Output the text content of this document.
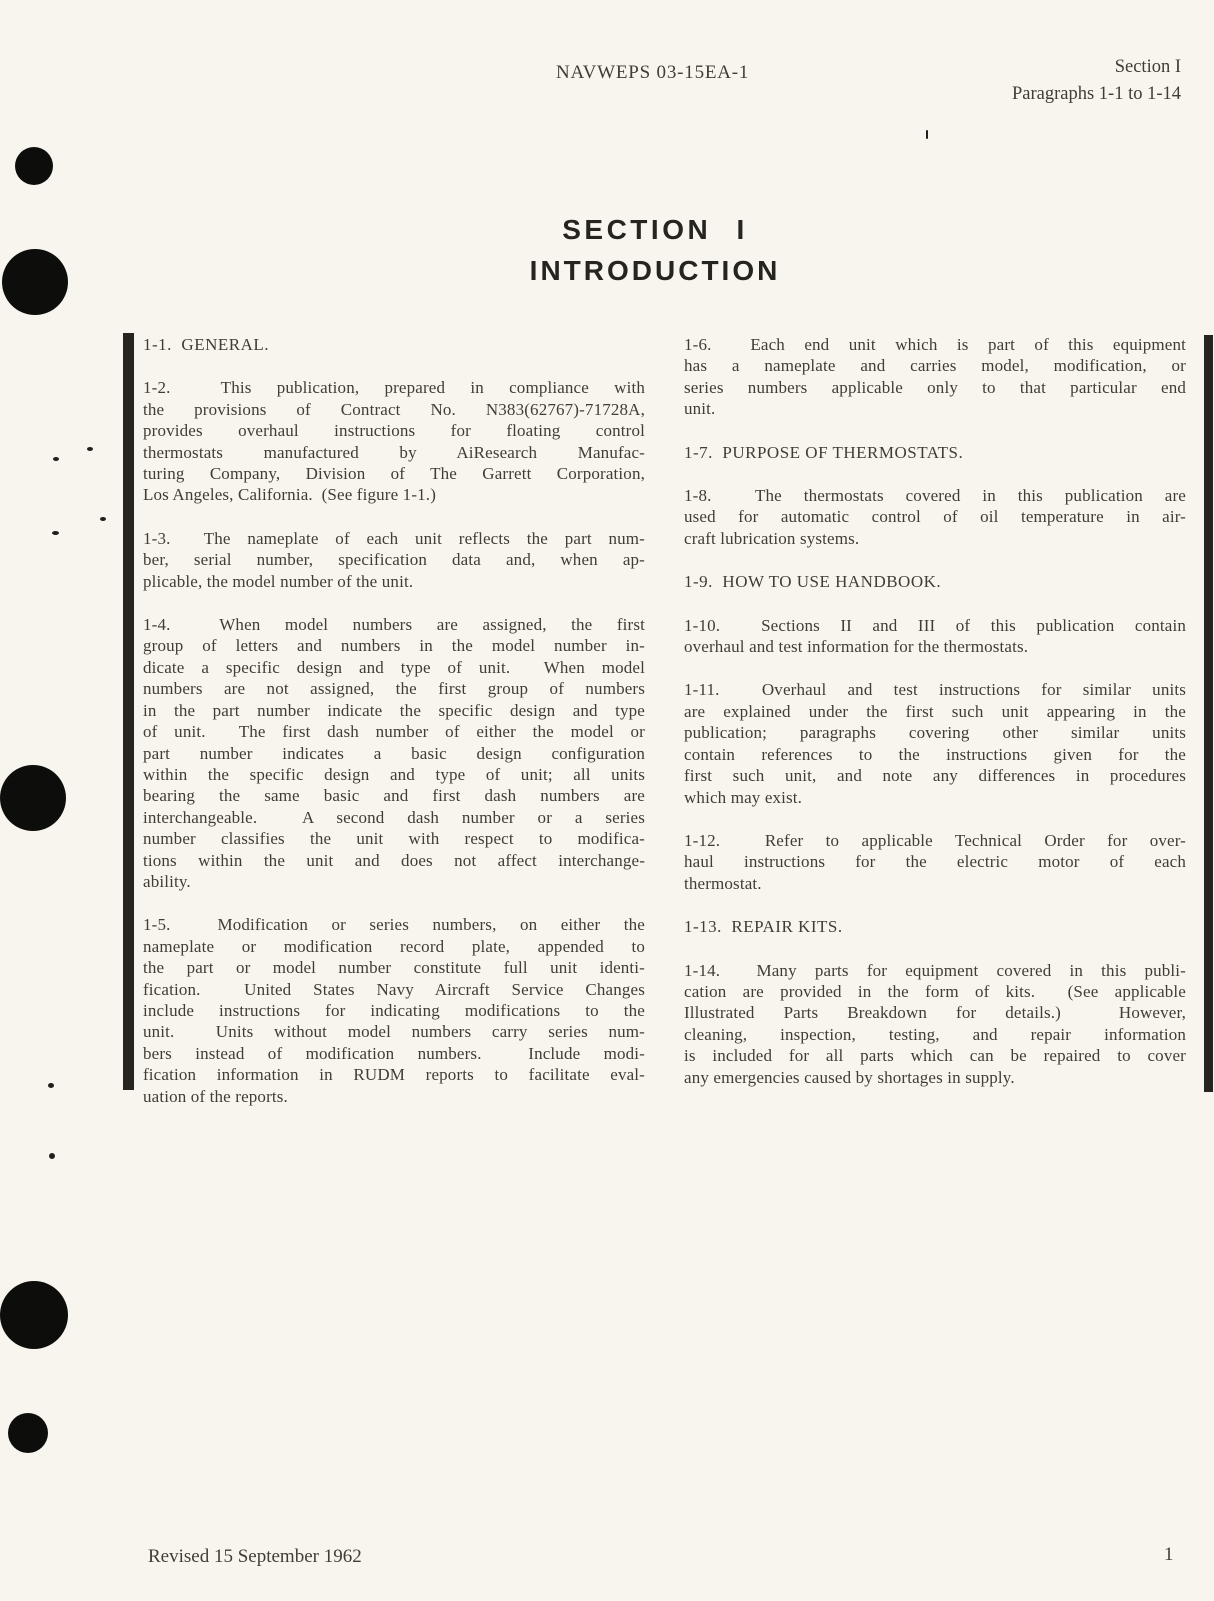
NAVWEPS 03-15EA-1	Section I
Paragraphs 1-1 to 1-14
SECTION I
INTRODUCTION
1-1.  GENERAL.
1-2.  This publication, prepared in compliance with
the provisions of Contract No. N383(62767)-71728A,
provides overhaul instructions for floating control
thermostats manufactured by AiResearch Manufac-
turing Company, Division of The Garrett Corporation,
Los Angeles, California.  (See figure 1-1.)
1-3.  The nameplate of each unit reflects the part num-
ber, serial number, specification data and, when ap-
plicable, the model number of the unit.
1-4.  When model numbers are assigned, the first
group of letters and numbers in the model number in-
dicate a specific design and type of unit.  When model
numbers are not assigned, the first group of numbers
in the part number indicate the specific design and type
of unit.  The first dash number of either the model or
part number indicates a basic design configuration
within the specific design and type of unit; all units
bearing the same basic and first dash numbers are
interchangeable.  A second dash number or a series
number classifies the unit with respect to modifica-
tions within the unit and does not affect interchange-
ability.
1-5.  Modification or series numbers, on either the
nameplate or modification record plate, appended to
the part or model number constitute full unit identi-
fication.  United States Navy Aircraft Service Changes
include instructions for indicating modifications to the
unit.  Units without model numbers carry series num-
bers instead of modification numbers.  Include modi-
fication information in RUDM reports to facilitate eval-
uation of the reports.
1-6.  Each end unit which is part of this equipment
has a nameplate and carries model, modification, or
series numbers applicable only to that particular end
unit.
1-7.  PURPOSE OF THERMOSTATS.
1-8.  The thermostats covered in this publication are
used for automatic control of oil temperature in air-
craft lubrication systems.
1-9.  HOW TO USE HANDBOOK.
1-10.  Sections II and III of this publication contain
overhaul and test information for the thermostats.
1-11.  Overhaul and test instructions for similar units
are explained under the first such unit appearing in the
publication; paragraphs covering other similar units
contain references to the instructions given for the
first such unit, and note any differences in procedures
which may exist.
1-12.  Refer to applicable Technical Order for over-
haul instructions for the electric motor of each
thermostat.
1-13.  REPAIR KITS.
1-14.  Many parts for equipment covered in this publi-
cation are provided in the form of kits.  (See applicable
Illustrated Parts Breakdown for details.)  However,
cleaning, inspection, testing, and repair information
is included for all parts which can be repaired to cover
any emergencies caused by shortages in supply.
Revised 15 September 1962	1
